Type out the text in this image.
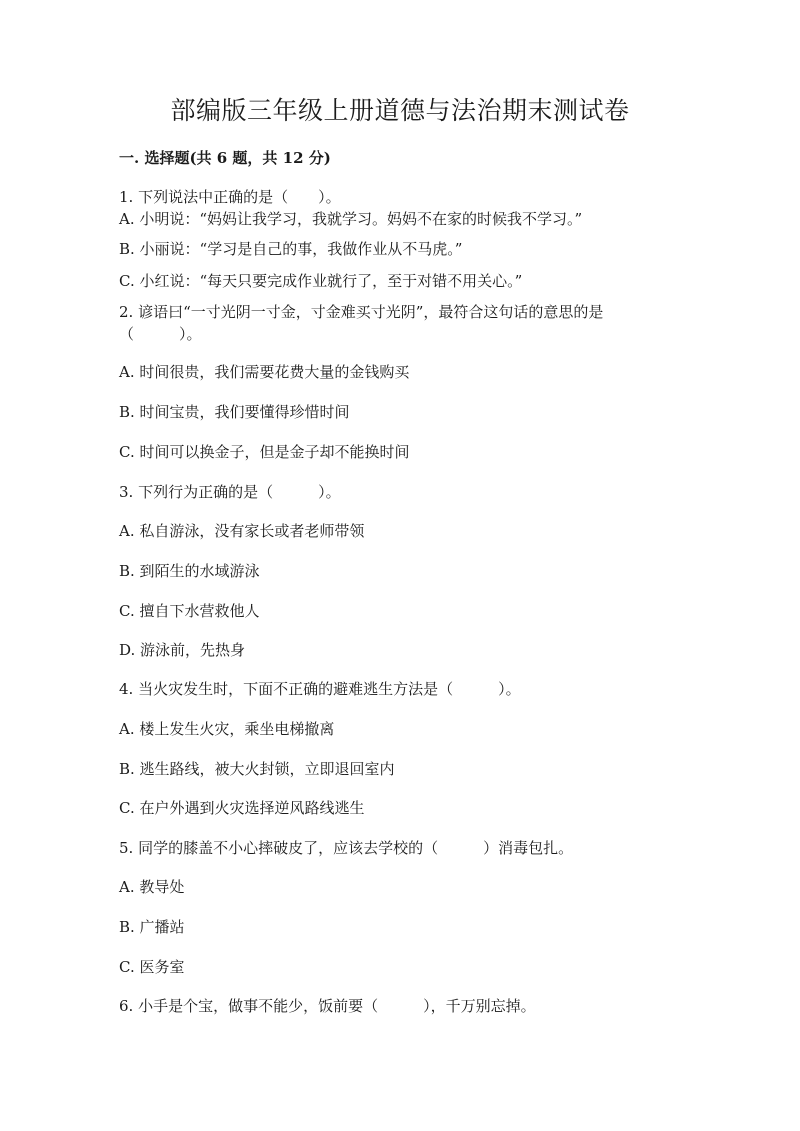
部编版三年级上册道德与法治期末测试卷
一. 选择题(共 6 题，共 12 分)
1. 下列说法中正确的是（　　）。
A. 小明说：“妈妈让我学习，我就学习。妈妈不在家的时候我不学习。”
B. 小丽说：“学习是自己的事，我做作业从不马虎。”
C. 小红说：“每天只要完成作业就行了，至于对错不用关心。”
2. 谚语曰“一寸光阴一寸金，寸金难买寸光阴”，最符合这句话的意思的是
（　　　）。
A. 时间很贵，我们需要花费大量的金钱购买
B. 时间宝贵，我们要懂得珍惜时间
C. 时间可以换金子，但是金子却不能换时间
3. 下列行为正确的是（　　　）。
A. 私自游泳，没有家长或者老师带领
B. 到陌生的水域游泳
C. 擅自下水营救他人
D. 游泳前，先热身
4. 当火灾发生时，下面不正确的避难逃生方法是（　　　）。
A. 楼上发生火灾，乘坐电梯撤离
B. 逃生路线，被大火封锁，立即退回室内
C. 在户外遇到火灾选择逆风路线逃生
5. 同学的膝盖不小心摔破皮了，应该去学校的（　　　）消毒包扎。
A. 教导处
B. 广播站
C. 医务室
6. 小手是个宝，做事不能少，饭前要（　　　），千万别忘掉。
